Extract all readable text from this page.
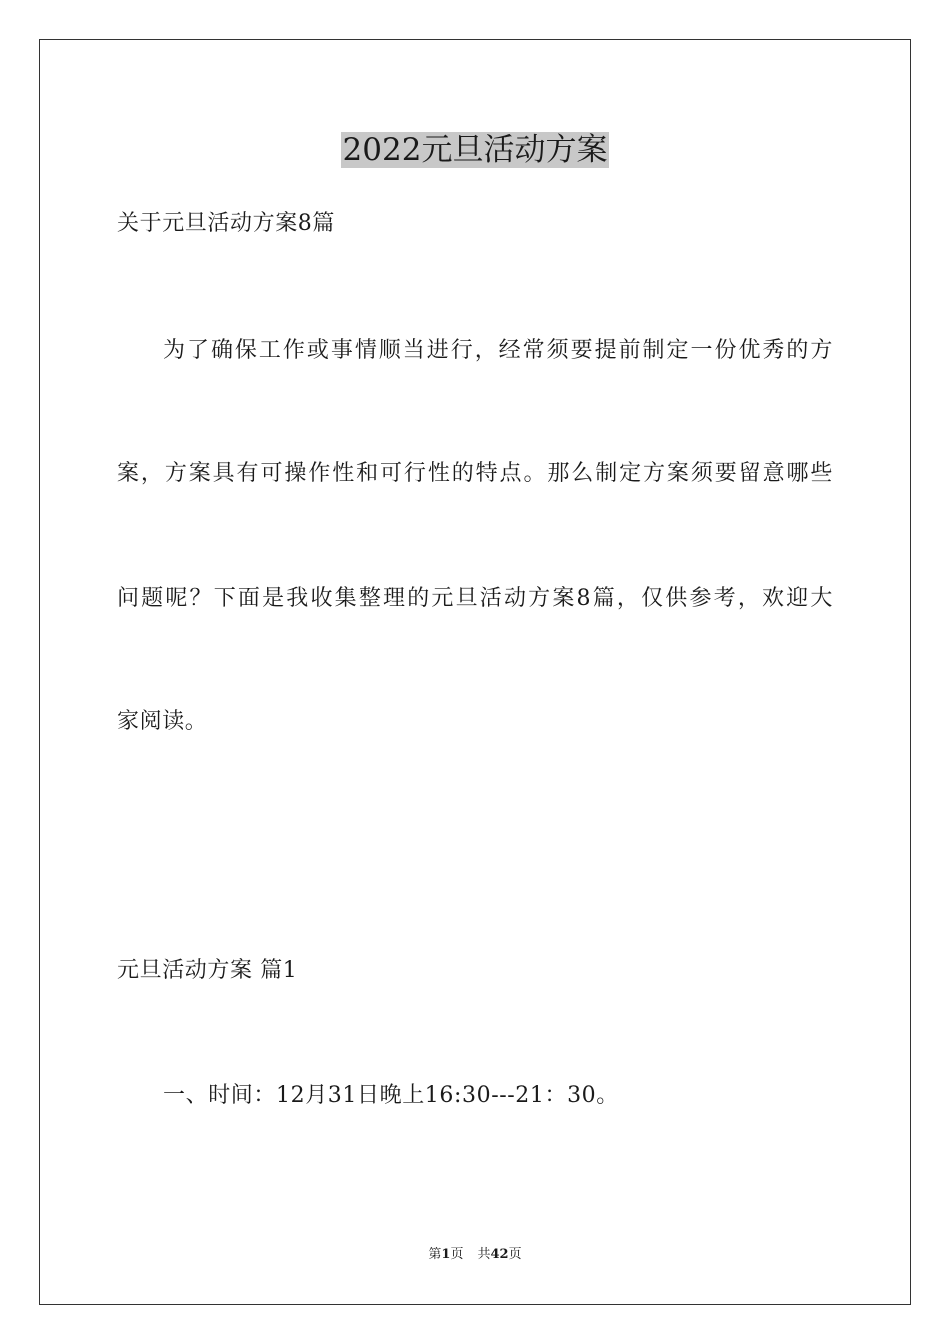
2022元旦活动方案

关于元旦活动方案8篇

为了确保工作或事情顺当进行，经常须要提前制定一份优秀的方

案，方案具有可操作性和可行性的特点。那么制定方案须要留意哪些

问题呢？下面是我收集整理的元旦活动方案8篇，仅供参考，欢迎大

家阅读。

元旦活动方案 篇1

一、时间：12月31日晚上16:30---21：30。

第1页 共42页
